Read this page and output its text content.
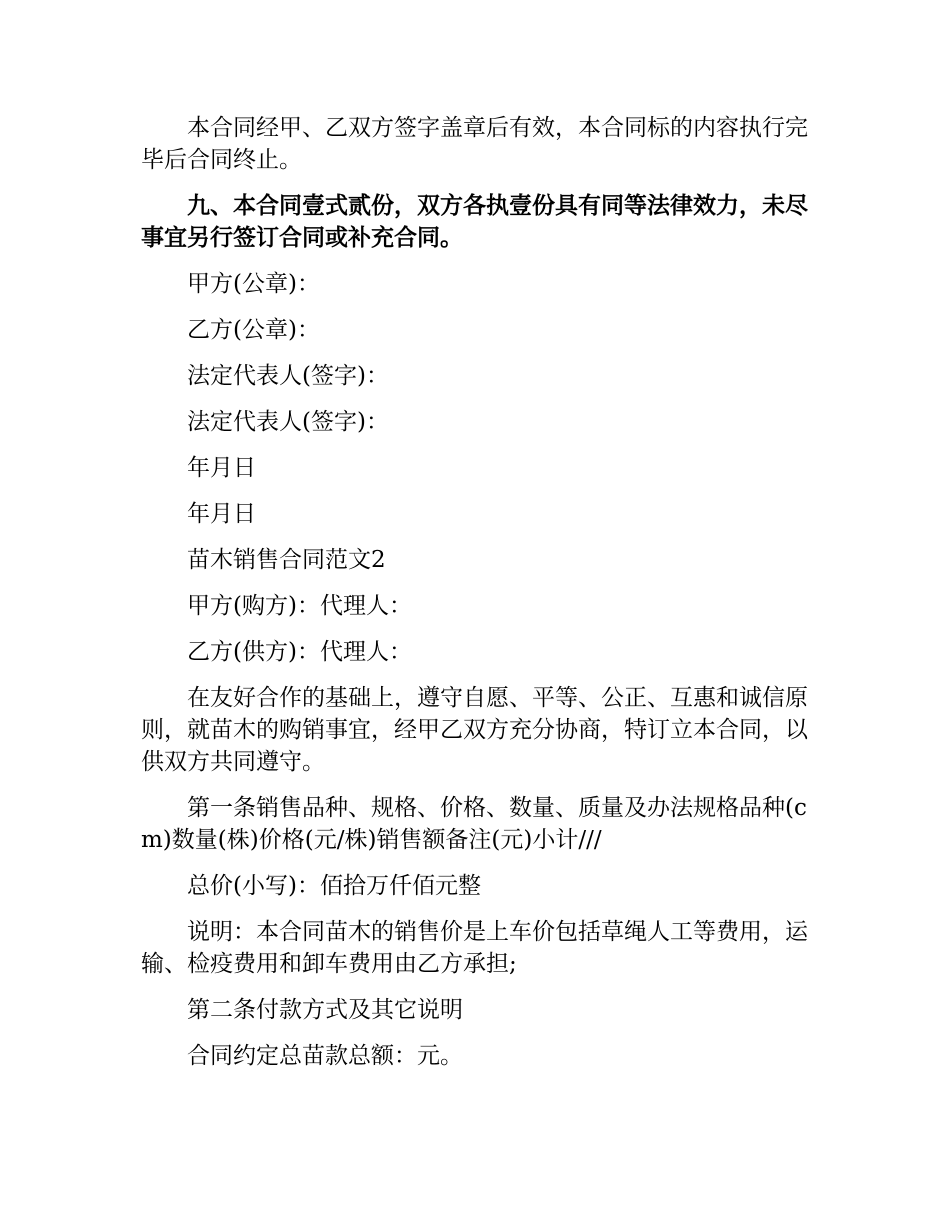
本合同经甲、乙双方签字盖章后有效，本合同标的内容执行完毕后合同终止。

九、本合同壹式贰份，双方各执壹份具有同等法律效力，未尽事宜另行签订合同或补充合同。

甲方(公章)：

乙方(公章)：

法定代表人(签字)：

法定代表人(签字)：

年月日

年月日

苗木销售合同范文2

甲方(购方)：代理人：

乙方(供方)：代理人：

在友好合作的基础上，遵守自愿、平等、公正、互惠和诚信原则，就苗木的购销事宜，经甲乙双方充分协商，特订立本合同，以供双方共同遵守。

第一条销售品种、规格、价格、数量、质量及办法规格品种(cm)数量(株)价格(元/株)销售额备注(元)小计///

总价(小写)：佰拾万仟佰元整

说明：本合同苗木的销售价是上车价包括草绳人工等费用，运输、检疫费用和卸车费用由乙方承担;

第二条付款方式及其它说明

合同约定总苗款总额：元。
